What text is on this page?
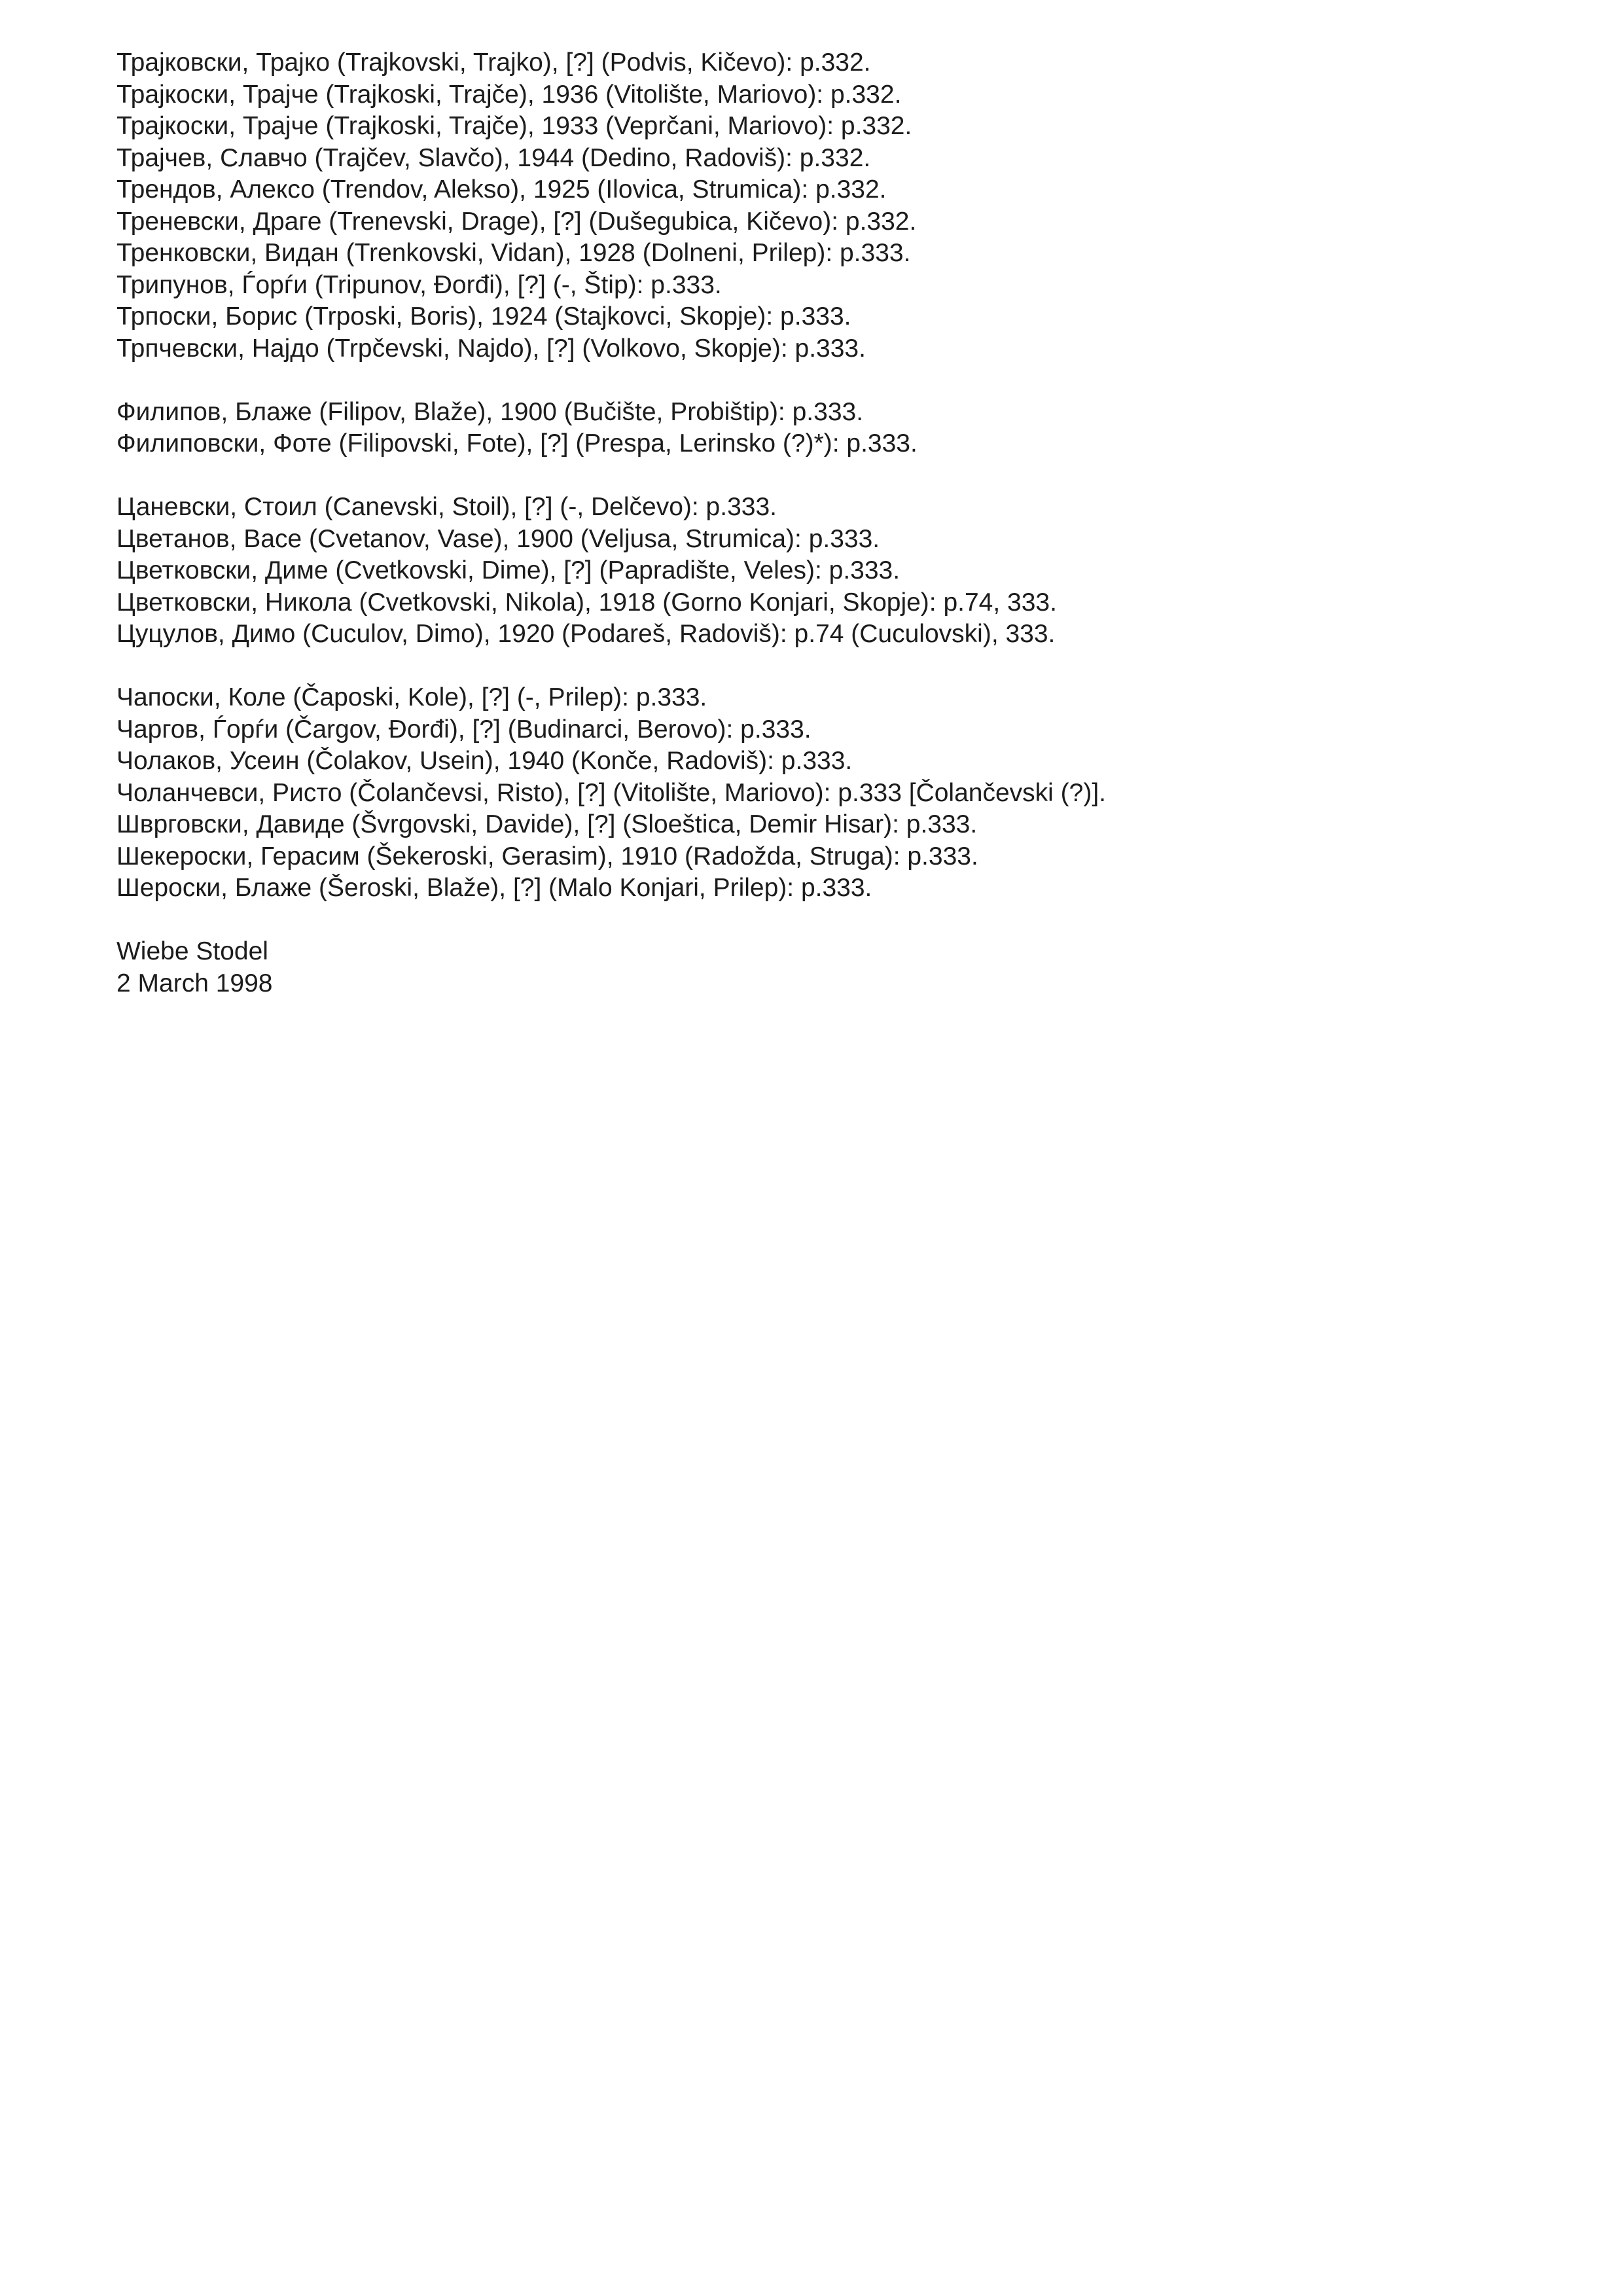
Трајковски, Трајко (Trajkovski, Trajko), [?] (Podvis, Kičevo): p.332.
Трајкоски, Трајче (Trajkoski, Trajče), 1936 (Vitolište, Mariovo): p.332.
Трајкоски, Трајче (Trajkoski, Trajče), 1933 (Veprčani, Mariovo): p.332.
Трајчев, Славчо (Trajčev, Slavčo), 1944 (Dedino, Radoviš): p.332.
Трендов, Алексо (Trendov, Alekso), 1925 (Ilovica, Strumica): p.332.
Треневски, Драге (Trenevski, Drage), [?] (Dušegubica, Kičevo): p.332.
Тренковски, Видан (Trenkovski, Vidan), 1928 (Dolneni, Prilep): p.333.
Трипунов, Ѓорѓи (Tripunov, Đorđi), [?] (-, Štip): p.333.
Трпоски, Борис (Trposki, Boris), 1924 (Stajkovci, Skopje): p.333.
Трпчевски, Најдо (Trpčevski, Najdo), [?] (Volkovo, Skopje): p.333.
Филипов, Блаже (Filipov, Blaže), 1900 (Bučište, Probištip): p.333.
Филиповски, Фоте (Filipovski, Fote), [?] (Prespa, Lerinsko (?)*): p.333.
Цаневски, Стоил (Canevski, Stoil), [?] (-, Delčevo): p.333.
Цветанов, Васе (Cvetanov, Vase), 1900 (Veljusa, Strumica): p.333.
Цветковски, Диме (Cvetkovski, Dime), [?] (Papradište, Veles): p.333.
Цветковски, Никола (Cvetkovski, Nikola), 1918 (Gorno Konjari, Skopje): p.74, 333.
Цуцулов, Димо (Cuculov, Dimo), 1920 (Podareš, Radoviš): p.74 (Cuculovski), 333.
Чапоски, Коле (Čaposki, Kole), [?] (-, Prilep): p.333.
Чаргов, Ѓорѓи (Čargov, Đorđi), [?] (Budinarci, Berovo): p.333.
Чолаков, Усеин (Čolakov, Usein), 1940 (Konče, Radoviš): p.333.
Чоланчевси, Ристо (Čolančevsi, Risto), [?] (Vitolište, Mariovo): p.333 [Čolančevski (?)].
Шврговски, Давиде (Švrgovski, Davide), [?] (Sloeštica, Demir Hisar): p.333.
Шекероски, Герасим (Šekeroski, Gerasim), 1910 (Radožda, Struga): p.333.
Шероски, Блаже (Šeroski, Blaže), [?] (Malo Konjari, Prilep): p.333.
Wiebe Stodel
2 March 1998
